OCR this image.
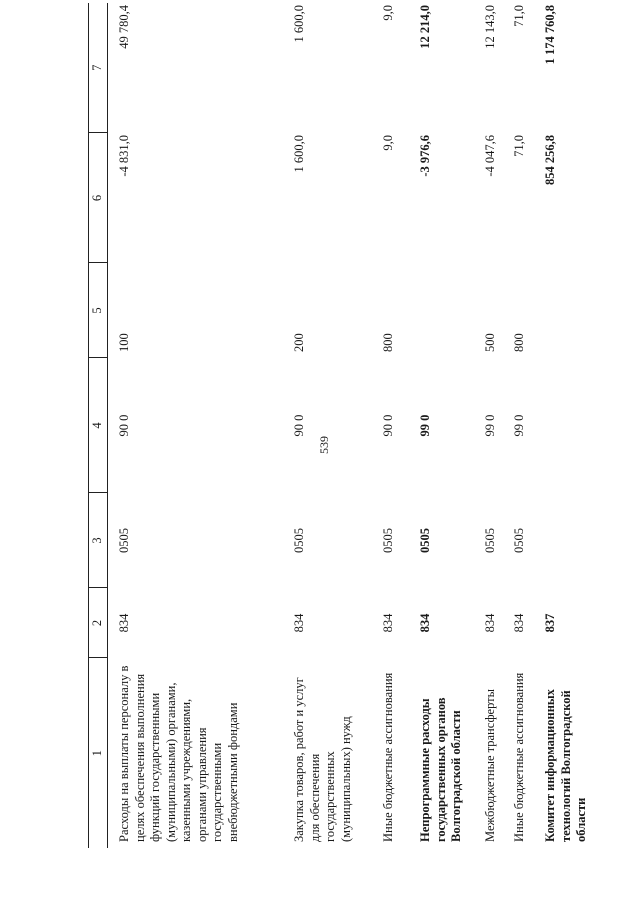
539
1	2	3	4	5	6	7
Расходы на выплаты персоналу в целях обеспечения выполнения функций государственными (муниципальными) органами, казенными учреждениями, органами управления государственными внебюджетными фондами	834	0505	90 0	100	-4 831,0	49 780,4
Закупка товаров, работ и услуг для обеспечения государственных (муниципальных) нужд	834	0505	90 0	200	1 600,0	1 600,0
Иные бюджетные ассигнования	834	0505	90 0	800	9,0	9,0
Непрограммные расходы государственных органов Волгоградской области	834	0505	99 0		-3 976,6	12 214,0
Межбюджетные трансферты	834	0505	99 0	500	-4 047,6	12 143,0
Иные бюджетные ассигнования	834	0505	99 0	800	71,0	71,0
Комитет информационных технологий Волгоградской области	837				854 256,8	1 174 760,8
